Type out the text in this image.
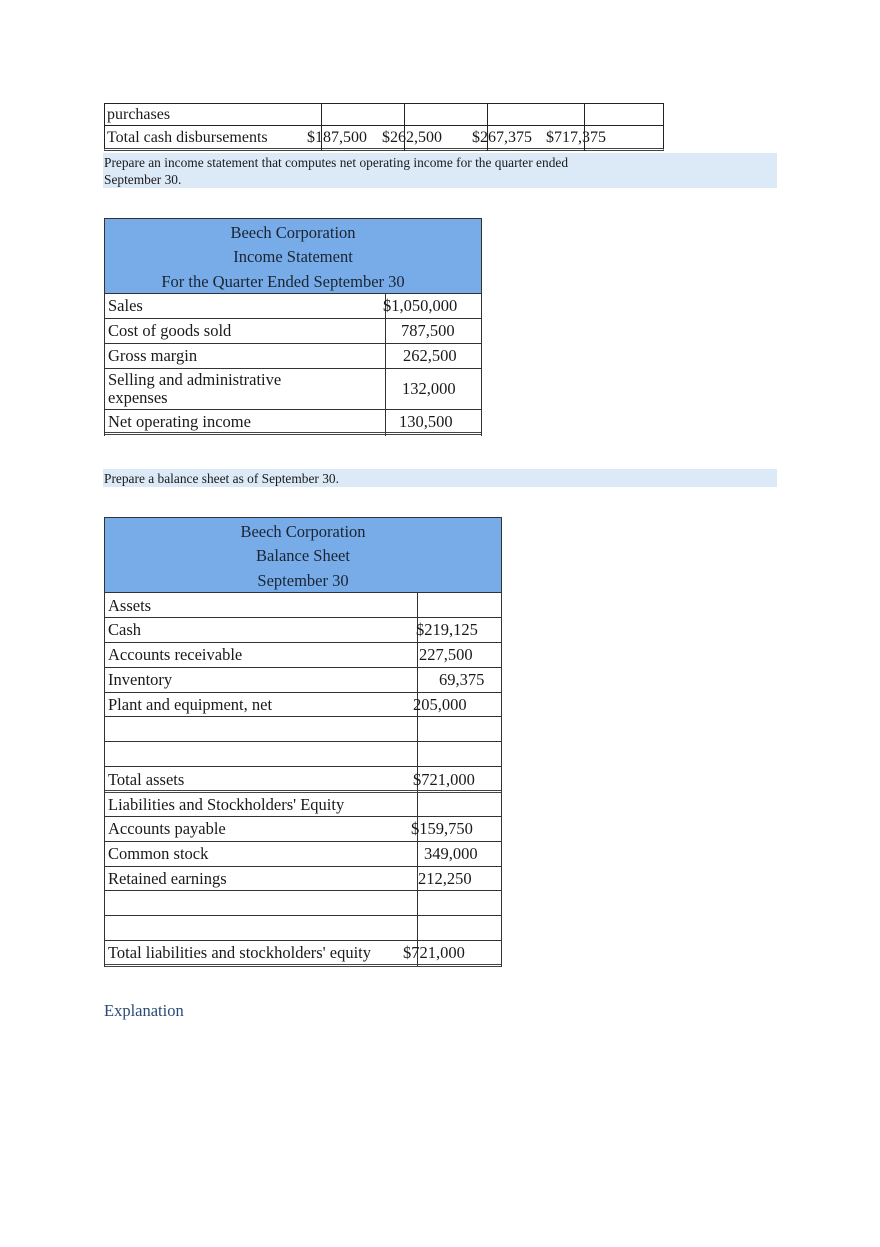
purchases
Total cash disbursements $187,500 $262,500 $267,375 $717,375
Prepare an income statement that computes net operating income for the quarter ended September 30.
Beech Corporation
Income Statement
For the Quarter Ended September 30
Sales	$1,050,000
Cost of goods sold	787,500
Gross margin	262,500
Selling and administrative
expenses	132,000
Net operating income	130,500
Prepare a balance sheet as of September 30.
Beech Corporation
Balance Sheet
September 30
Assets
Cash	$219,125
Accounts receivable	227,500
Inventory	69,375
Plant and equipment, net	205,000
Total assets	$721,000
Liabilities and Stockholders' Equity
Accounts payable	$159,750
Common stock	349,000
Retained earnings	212,250
Total liabilities and stockholders' equity $721,000
Explanation
